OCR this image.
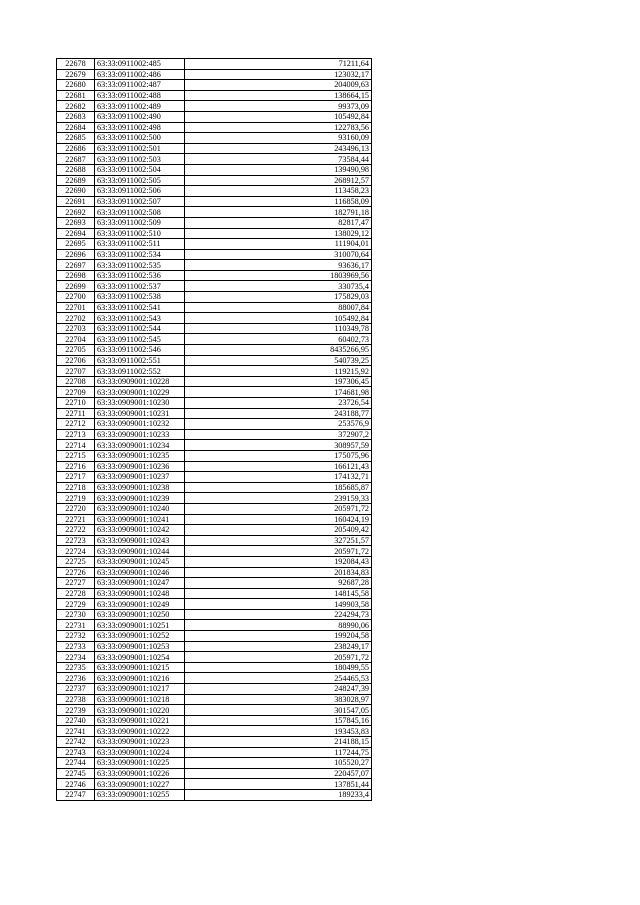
22678	63:33:0911002:485	71211,64
22679	63:33:0911002:486	123032,17
22680	63:33:0911002:487	204009,63
22681	63:33:0911002:488	138664,15
22682	63:33:0911002:489	99373,09
22683	63:33:0911002:490	105492,84
22684	63:33:0911002:498	122783,56
22685	63:33:0911002:500	93160,09
22686	63:33:0911002:501	243496,13
22687	63:33:0911002:503	73584,44
22688	63:33:0911002:504	139490,98
22689	63:33:0911002:505	268912,57
22690	63:33:0911002:506	113458,23
22691	63:33:0911002:507	116858,09
22692	63:33:0911002:508	182791,18
22693	63:33:0911002:509	82817,47
22694	63:33:0911002:510	138029,12
22695	63:33:0911002:511	111904,01
22696	63:33:0911002:534	310070,64
22697	63:33:0911002:535	93636,17
22698	63:33:0911002:536	1803969,56
22699	63:33:0911002:537	330735,4
22700	63:33:0911002:538	175829,03
22701	63:33:0911002:541	88007,84
22702	63:33:0911002:543	105492,84
22703	63:33:0911002:544	110349,78
22704	63:33:0911002:545	60402,73
22705	63:33:0911002:546	8435266,95
22706	63:33:0911002:551	540739,25
22707	63:33:0911002:552	119215,92
22708	63:33:0909001:10228	197306,45
22709	63:33:0909001:10229	174681,98
22710	63:33:0909001:10230	23726,54
22711	63:33:0909001:10231	243188,77
22712	63:33:0909001:10232	253576,9
22713	63:33:0909001:10233	372907,2
22714	63:33:0909001:10234	308957,59
22715	63:33:0909001:10235	175075,96
22716	63:33:0909001:10236	166121,43
22717	63:33:0909001:10237	174132,71
22718	63:33:0909001:10238	185685,87
22719	63:33:0909001:10239	239159,33
22720	63:33:0909001:10240	205971,72
22721	63:33:0909001:10241	160424,19
22722	63:33:0909001:10242	205409,42
22723	63:33:0909001:10243	327251,57
22724	63:33:0909001:10244	205971,72
22725	63:33:0909001:10245	192084,43
22726	63:33:0909001:10246	201834,83
22727	63:33:0909001:10247	92687,28
22728	63:33:0909001:10248	148145,58
22729	63:33:0909001:10249	149903,58
22730	63:33:0909001:10250	224294,73
22731	63:33:0909001:10251	88990,06
22732	63:33:0909001:10252	199204,58
22733	63:33:0909001:10253	238249,17
22734	63:33:0909001:10254	205971,72
22735	63:33:0909001:10215	180499,55
22736	63:33:0909001:10216	254465,53
22737	63:33:0909001:10217	248247,39
22738	63:33:0909001:10218	383028,97
22739	63:33:0909001:10220	301547,05
22740	63:33:0909001:10221	157845,16
22741	63:33:0909001:10222	193453,83
22742	63:33:0909001:10223	214188,15
22743	63:33:0909001:10224	117244,75
22744	63:33:0909001:10225	105520,27
22745	63:33:0909001:10226	220457,07
22746	63:33:0909001:10227	137851,44
22747	63:33:0909001:10255	189233,4
